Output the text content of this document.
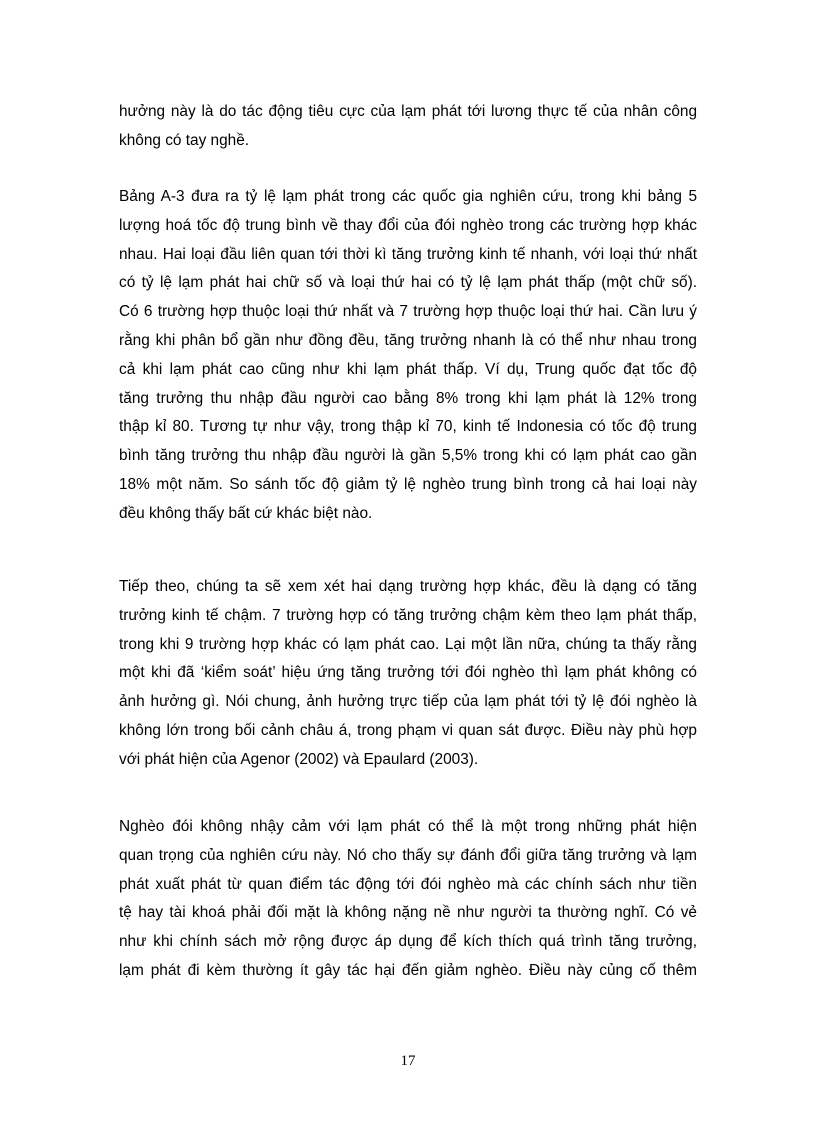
hưởng này là do tác động tiêu cực của lạm phát tới lương thực tế của nhân công
không có tay nghề.
Bảng A-3 đưa ra tỷ lệ lạm phát trong các quốc gia nghiên cứu, trong khi bảng 5
lượng hoá tốc độ trung bình về thay đổi của đói nghèo trong các trường hợp khác
nhau. Hai loại đầu liên quan tới thời kì tăng trưởng kinh tế nhanh, với loại thứ nhất
có tỷ lệ lạm phát hai chữ số và loại thứ hai có tỷ lệ lạm phát thấp (một chữ số).
Có 6 trường hợp thuộc loại thứ nhất và 7 trường hợp thuộc loại thứ hai. Cần lưu ý
rằng khi phân bổ gần như đồng đều, tăng trưởng nhanh là có thể như nhau trong
cả khi lạm phát cao cũng như khi lạm phát thấp. Ví dụ, Trung quốc đạt tốc độ
tăng trưởng thu nhập đầu người cao bằng 8% trong khi lạm phát là 12% trong
thập kỉ 80. Tương tự như vậy, trong thập kỉ 70, kinh tế Indonesia có tốc độ trung
bình tăng trưởng thu nhập đầu người là gần 5,5% trong khi có lạm phát cao gần
18% một năm. So sánh tốc độ giảm tỷ lệ nghèo trung bình trong cả hai loại này
đều không thấy bất cứ khác biệt nào.
Tiếp theo, chúng ta sẽ xem xét hai dạng trường hợp khác, đều là dạng có tăng
trưởng kinh tế chậm. 7 trường hợp có tăng trưởng chậm kèm theo lạm phát thấp,
trong khi 9 trường hợp khác có lạm phát cao. Lại một lần nữa, chúng ta thấy rằng
một khi đã ‘kiểm soát’ hiệu ứng tăng trưởng tới đói nghèo thì lạm phát không có
ảnh hưởng gì. Nói chung, ảnh hưởng trực tiếp của lạm phát tới tỷ lệ đói nghèo là
không lớn trong bối cảnh châu á, trong phạm vi quan sát được. Điều này phù hợp
với phát hiện của Agenor (2002) và Epaulard (2003).
Nghèo đói không nhậy cảm với lạm phát có thể là một trong những phát hiện
quan trọng của nghiên cứu này. Nó cho thấy sự đánh đổi giữa tăng trưởng và lạm
phát xuất phát từ quan điểm tác động tới đói nghèo mà các chính sách như tiền
tệ hay tài khoá phải đối mặt là không nặng nề như người ta thường nghĩ. Có vẻ
như khi chính sách mở rộng được áp dụng để kích thích quá trình tăng trưởng,
lạm phát đi kèm thường ít gây tác hại đến giảm nghèo. Điều này củng cố thêm
17
